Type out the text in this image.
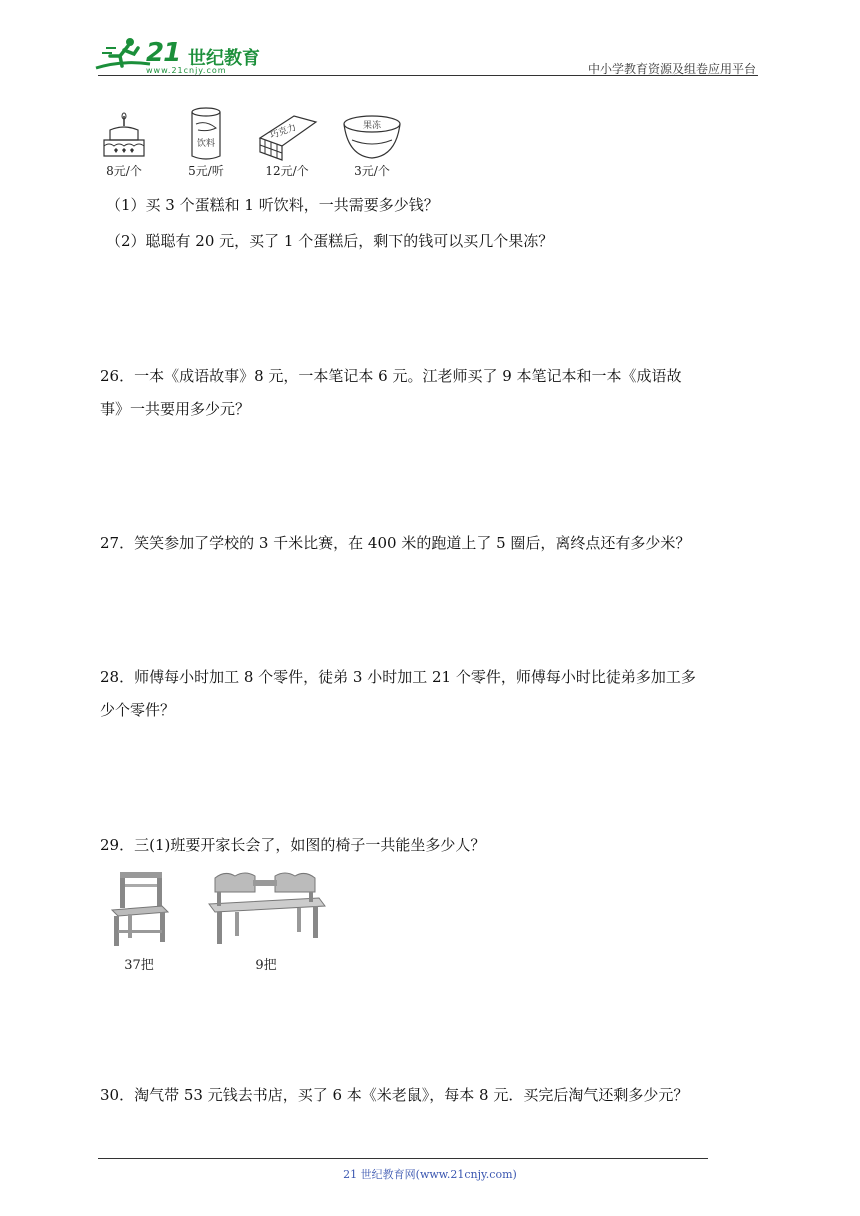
21 世纪教育
www.21cnjy.com	中小学教育资源及组卷应用平台
8元/个
饮料
5元/听
巧克力
12元/个
果冻
3元/个
（1）买 3 个蛋糕和 1 听饮料，一共需要多少钱？
（2）聪聪有 20 元，买了 1 个蛋糕后，剩下的钱可以买几个果冻？
26．一本《成语故事》8 元，一本笔记本 6 元。江老师买了 9 本笔记本和一本《成语故
事》一共要用多少元？
27．笑笑参加了学校的 3 千米比赛，在 400 米的跑道上了 5 圈后，离终点还有多少米？
28．师傅每小时加工 8 个零件，徒弟 3 小时加工 21 个零件，师傅每小时比徒弟多加工多
少个零件？
29．三(1)班要开家长会了，如图的椅子一共能坐多少人？
37把	9把
30．淘气带 53 元钱去书店，买了 6 本《米老鼠》，每本 8 元．买完后淘气还剩多少元？
21 世纪教育网(www.21cnjy.com)
